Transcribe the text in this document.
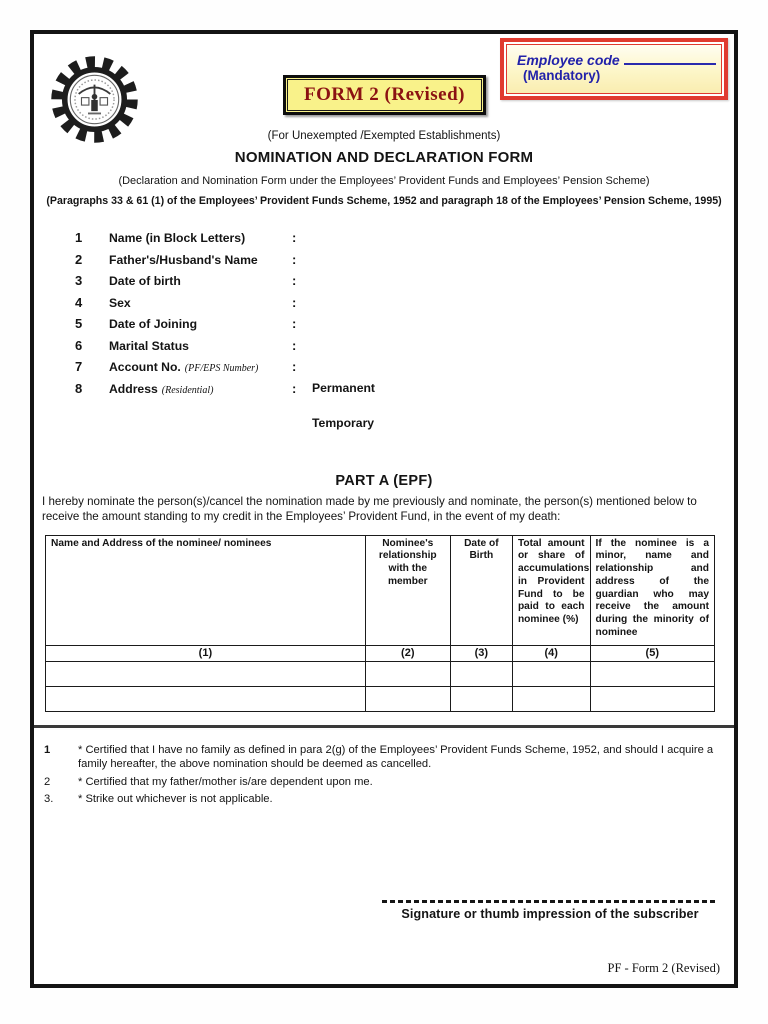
FORM 2 (Revised)
Employee code
(Mandatory)
(For Unexempted /Exempted Establishments)
NOMINATION AND DECLARATION FORM
(Declaration and Nomination Form under the Employees’ Provident Funds and Employees’ Pension Scheme)
(Paragraphs 33 & 61 (1) of the Employees’ Provident Funds Scheme, 1952 and paragraph 18 of the Employees’ Pension Scheme, 1995)
1	Name (in Block Letters)	:
2	Father's/Husband's Name	:
3	Date of birth	:
4	Sex	:
5	Date of Joining	:
6	Marital Status	:
7	Account No. (PF/EPS Number)	:
8	Address (Residential)	: Permanent
Temporary
PART A (EPF)
I hereby nominate the person(s)/cancel the nomination made by me previously and nominate, the person(s) mentioned below to receive the amount standing to my credit in the Employees’ Provident Fund, in the event of my death:
Name and Address of the nominee/ nominees	Nominee's relationship with the member	Date of Birth	Total amount or share of accumulations in Provident Fund to be paid to each nominee (%)	If the nominee is a minor, name and relationship and address of the guardian who may receive the amount during the minority of nominee
(1)	(2)	(3)	(4)	(5)

1	* Certified that I have no family as defined in para 2(g) of the Employees’ Provident Funds Scheme, 1952, and should I acquire a family hereafter, the above nomination should be deemed as cancelled.
2	* Certified that my father/mother is/are dependent upon me.
3.	* Strike out whichever is not applicable.
Signature or thumb impression of the subscriber
PF - Form 2 (Revised)
